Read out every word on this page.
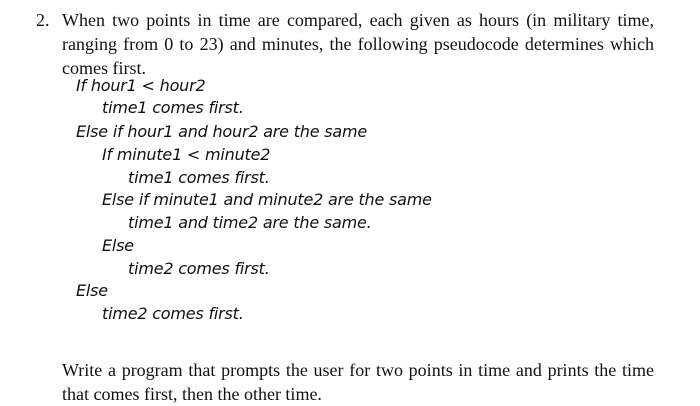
2. When two points in time are compared, each given as hours (in military time, ranging from 0 to 23) and minutes, the following pseudocode determines which comes first.
If hour1 < hour2
time1 comes first.
Else if hour1 and hour2 are the same
If minute1 < minute2
time1 comes first.
Else if minute1 and minute2 are the same
time1 and time2 are the same.
Else
time2 comes first.
Else
time2 comes first.
Write a program that prompts the user for two points in time and prints the time that comes first, then the other time.
